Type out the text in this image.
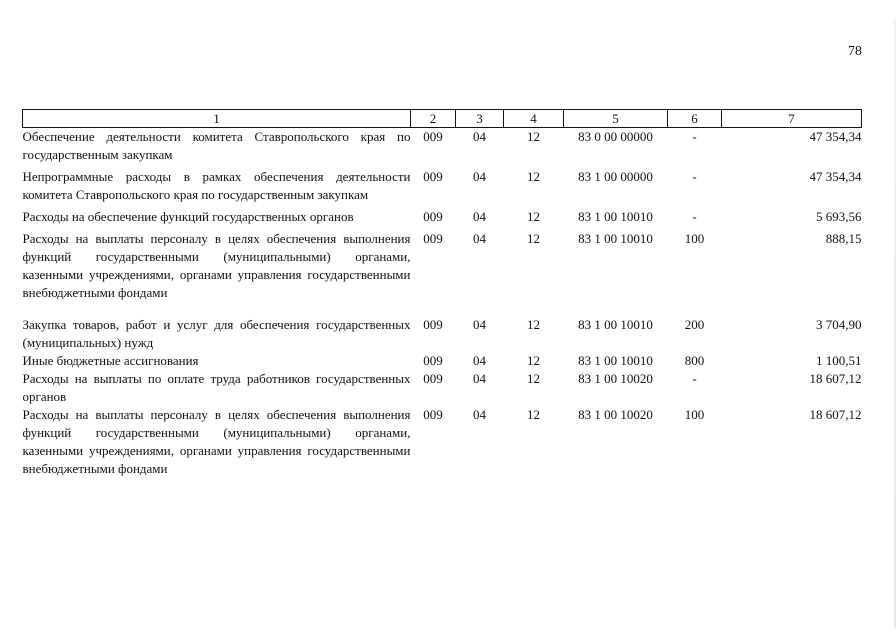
78
1	2	3	4	5	6	7
Обеспечение деятельности комитета Ставропольского края по государственным закупкам	009	04	12	83 0 00 00000	-	47 354,34
Непрограммные расходы в рамках обеспечения деятельности комитета Ставропольского края по государственным закупкам	009	04	12	83 1 00 00000	-	47 354,34
Расходы на обеспечение функций государственных органов	009	04	12	83 1 00 10010	-	5 693,56
Расходы на выплаты персоналу в целях обеспечения выполнения функций государственными (муниципальными) органами, казенными учреждениями, органами управления государственными внебюджетными фондами	009	04	12	83 1 00 10010	100	888,15
Закупка товаров, работ и услуг для обеспечения государственных (муниципальных) нужд	009	04	12	83 1 00 10010	200	3 704,90
Иные бюджетные ассигнования	009	04	12	83 1 00 10010	800	1 100,51
Расходы на выплаты по оплате труда работников государственных органов	009	04	12	83 1 00 10020	-	18 607,12
Расходы на выплаты персоналу в целях обеспечения выполнения функций государственными (муниципальными) органами, казенными учреждениями, органами управления государственными внебюджетными фондами	009	04	12	83 1 00 10020	100	18 607,12
